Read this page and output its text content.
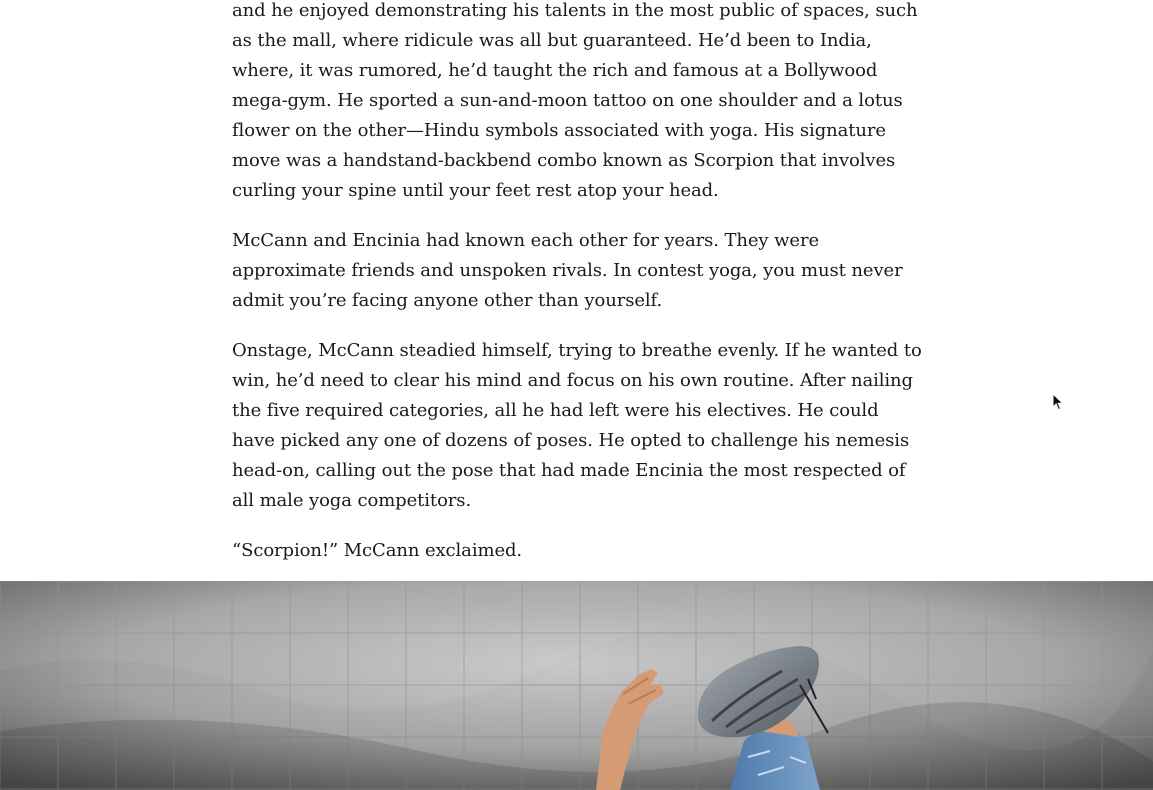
and he enjoyed demonstrating his talents in the most public of spaces, such as the mall, where ridicule was all but guaranteed. He’d been to India, where, it was rumored, he’d taught the rich and famous at a Bollywood mega-gym. He sported a sun-and-moon tattoo on one shoulder and a lotus flower on the other—Hindu symbols associated with yoga. His signature move was a handstand-backbend combo known as Scorpion that involves curling your spine until your feet rest atop your head.

McCann and Encinia had known each other for years. They were approximate friends and unspoken rivals. In contest yoga, you must never admit you’re facing anyone other than yourself.

Onstage, McCann steadied himself, trying to breathe evenly. If he wanted to win, he’d need to clear his mind and focus on his own routine. After nailing the five required categories, all he had left were his electives. He could have picked any one of dozens of poses. He opted to challenge his nemesis head-on, calling out the pose that had made Encinia the most respected of all male yoga competitors.

“Scorpion!” McCann exclaimed.
